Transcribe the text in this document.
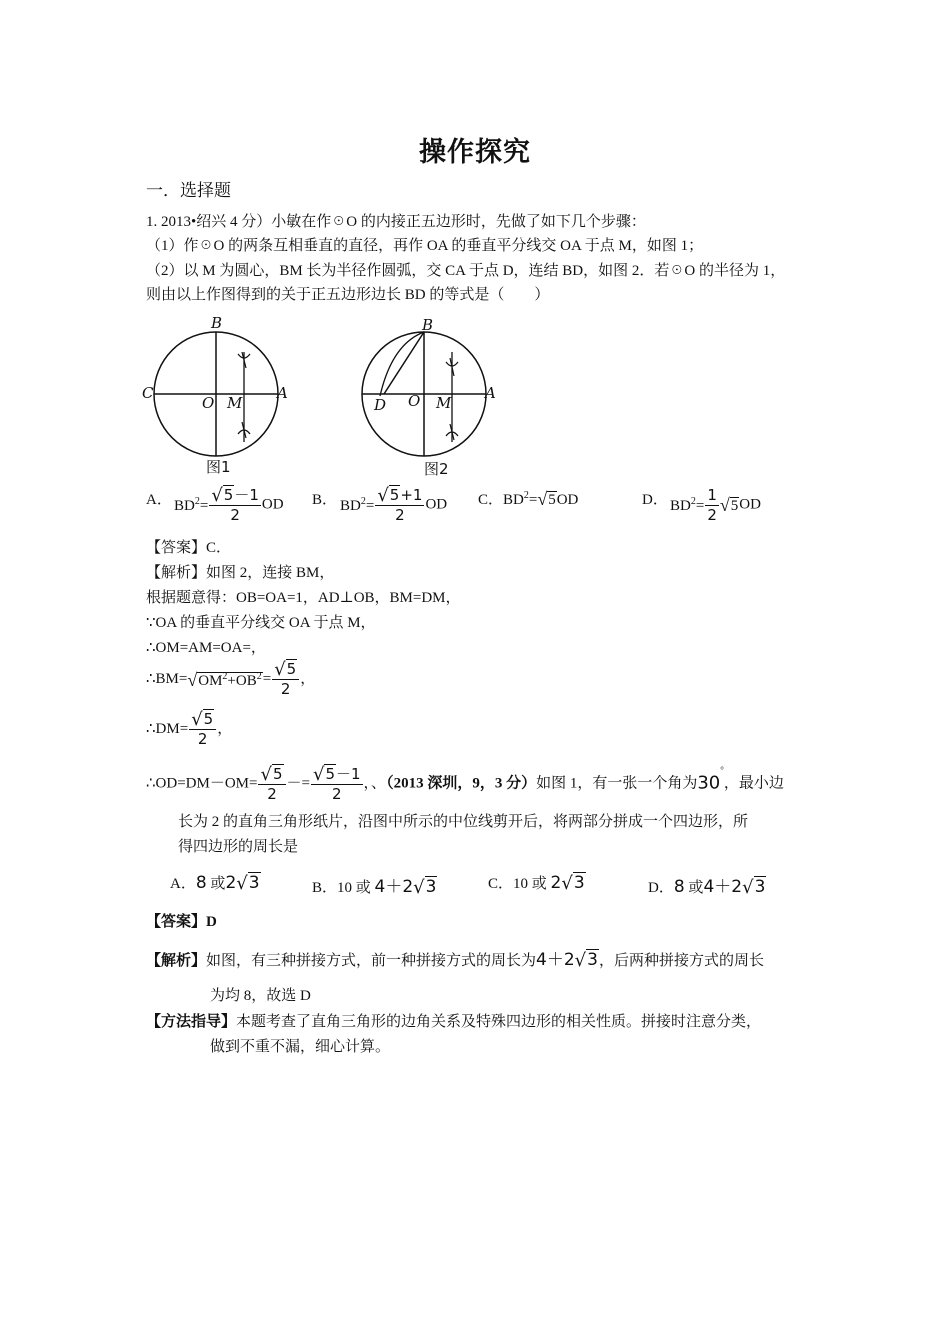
操作探究
一．选择题
1. 2013•绍兴 4 分）小敏在作☉O 的内接正五边形时，先做了如下几个步骤：
（1）作☉O 的两条互相垂直的直径，再作 OA 的垂直平分线交 OA 于点 M，如图 1；
（2）以 M 为圆心，BM 长为半径作圆弧，交 CA 于点 D，连结 BD，如图 2．若☉O 的半径为 1，
则由以上作图得到的关于正五边形边长 BD 的等式是（　　）
B
C
O M
A
图1
B
D O M
A
图2
A． $BD^2= \frac{√5-1}{2}$ OD B． $BD^2= \frac{√5+1}{2}$ OD C．$BD^2=√5OD$	D． $BD^2= \frac{1}{2} √5OD$
【答案】C．
【解析】如图 2，连接 BM，
根据题意得：OB=OA=1，AD⊥OB，BM=DM，
∵OA 的垂直平分线交 OA 于点 M，
∴OM=AM=OA=，
$\therefore BM=√OM^2+OB^2= \frac{√5}{2}$ ，
∴DM= $\frac{√5}{2}$ ，
∴OD=DM－OM= $\frac{√5}{2} -= \frac{√5-1}{2}$ ，、（2013 深圳，9，3 分）如图 1，有一张一个角为30°，最小边
长为 2 的直角三角形纸片，沿图中所示的中位线剪开后，将两部分拼成一个四边形，所
得四边形的周长是
A．8 或2√3	B．10 或 4＋2√3	C．10 或 2√3	D．8 或4＋2√3
【答案】D
【解析】如图，有三种拼接方式，前一种拼接方式的周长为4＋2√3，后两种拼接方式的周长
为均 8，故选 D
【方法指导】本题考查了直角三角形的边角关系及特殊四边形的相关性质。拼接时注意分类，
做到不重不漏，细心计算。
